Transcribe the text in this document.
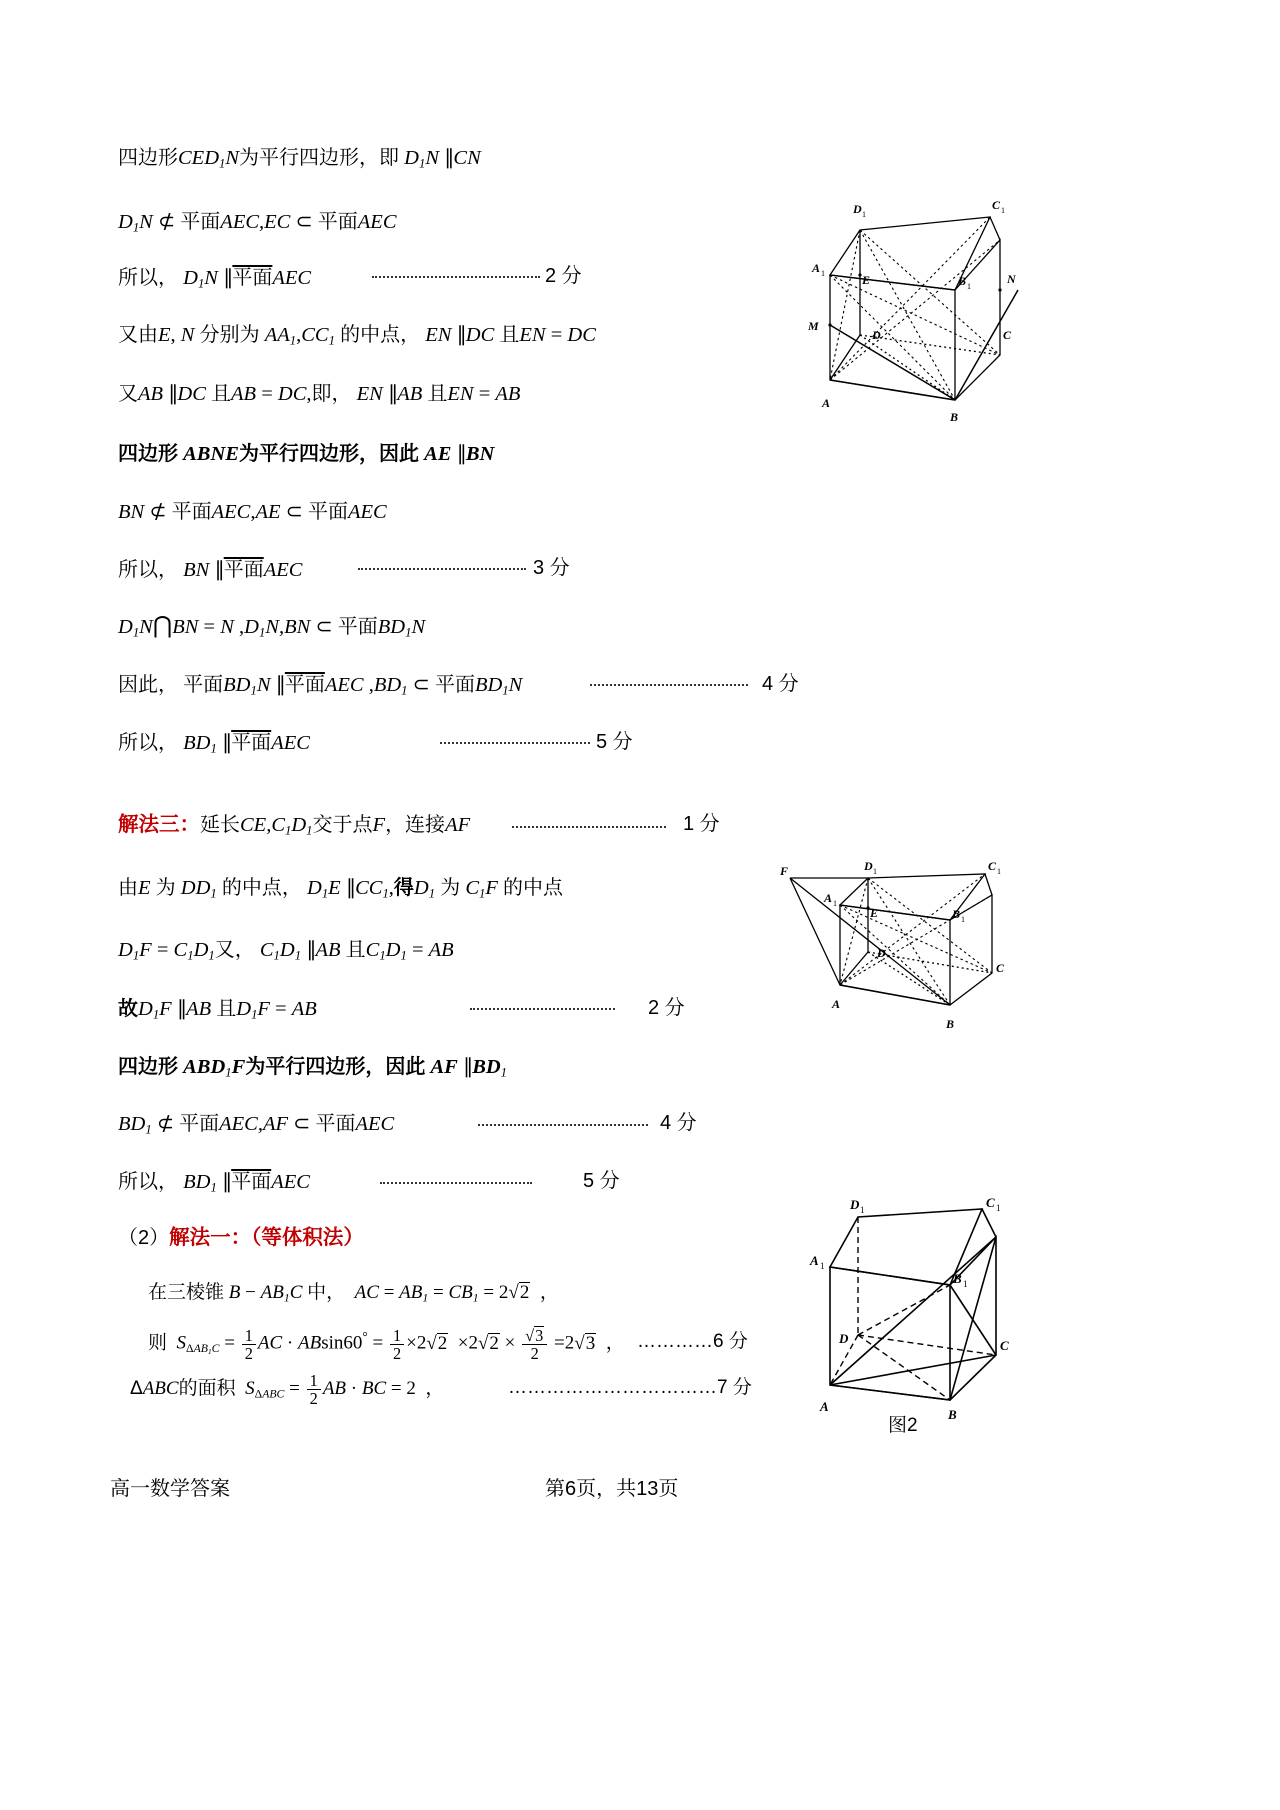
四边形$CED_1N$为平行四边形，即 $D_1N$ ∥CN
$D_1N$ ⊄ 平面AEC,EC ⊂ 平面AEC
所以， $D_1N$ ∥平面AEC	2 分
又由E, N 分别为 $AA_1,CC_1$ 的中点， EN ∥DC 且EN = DC
又AB ∥DC 且AB = DC,即， EN ∥AB 且EN = AB
四边形 ABNE为平行四边形，因此 AE ∥BN
BN ⊄ 平面AEC,AE ⊂ 平面AEC
所以， BN ∥平面AEC	3 分
$D_1N⋂BN = N$ $,D_1N,BN$ ⊂ 平面$BD_1N$
因此， 平面$BD_1N$ ∥平面AEC $,BD_1$ ⊂ 平面$BD_1N$	4 分
所以， $BD_1$ ∥平面AEC	5 分
解法三：延长$CE,C_1D_1$交于点F，连接AF	1 分
由E 为 $DD_1$ 的中点， $D_1E$ $\parallel CC_1$,得$D_1$ 为 $C_1F$ 的中点
$D_1F = C_1D_1$又， $C_1D_1$ ∥AB 且$C_1D_1$ = AB
故$D_1F$ ∥AB 且$D_1F$ = AB	2 分
四边形 $ABD_1F$为平行四边形，因此 AF $\parallel BD_1$
$BD_1$ ⊄ 平面AEC,AF ⊂ 平面AEC	4 分
所以， $BD_1$ ∥平面AEC	5 分
（2）解法一：（等体积法）
在三棱锥 $B - AB_1C$ 中， AC = $AB_1 = CB_1 = 2√2$ ，
则 $S_{\Delta AB_1C} = \frac{1}{2}$ AC · $ABsin60^\circ = \frac{1}{2} \times 2√2 \times 2√2 \times \frac{√3}{2} =2√3$ ， …………6 分
ΔABC的面积 $S_{\Delta ABC} = \frac{1}{2}$ AB · BC = 2  ，	……………………………7 分
D 1
C 1
A 1
B 1
N
E
M
D	C
A
B
F	D 1	C 1
A 1
B 1
E
D
C
A
B
D 1	C 1
A 1
B 1
D	C
A
B
图2
高一数学答案	第6页，共13页
